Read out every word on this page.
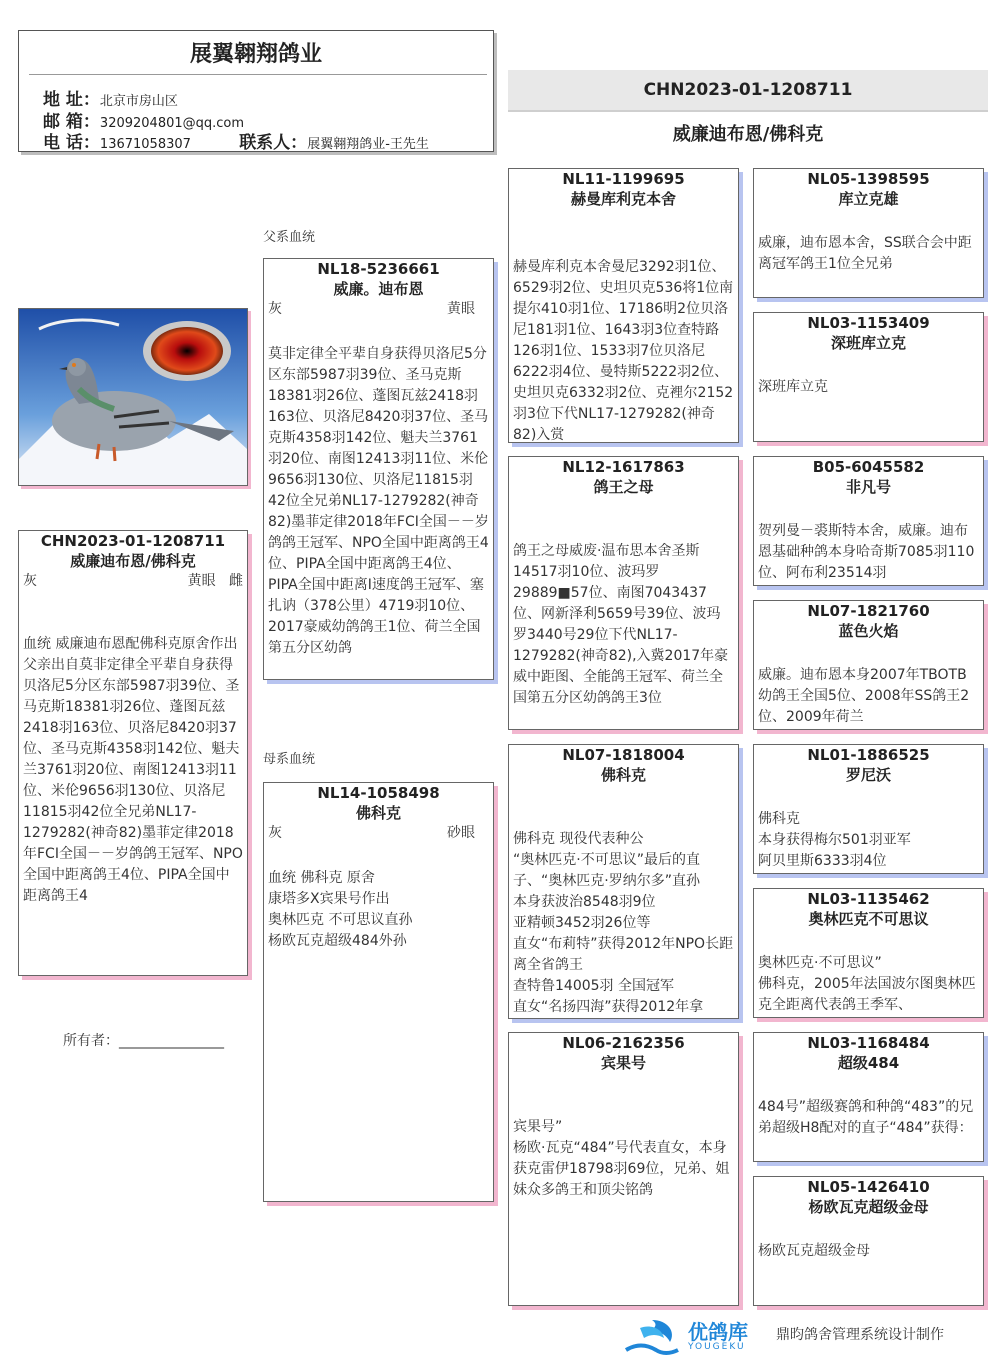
展翼翱翔鸽业
地 址：北京市房山区
邮 箱：3209204801@qq.com
电 话：13671058307	联系人：展翼翱翔鸽业-王先生
CHN2023-01-1208711
威廉迪布恩/佛科克
CHN2023-01-1208711
威廉迪布恩/佛科克
灰	黄眼 雌
血统 威廉迪布恩配佛科克原舍作出
父亲出自莫非定律全平辈自身获得贝洛尼5分区东部5987羽39位、圣马克斯18381羽26位、蓬图瓦兹2418羽163位、贝洛尼8420羽37位、圣马克斯4358羽142位、魁夫兰3761羽20位、南图12413羽11位、米伦9656羽130位、贝洛尼11815羽42位全兄弟NL17-1279282(神奇82)墨菲定律2018年FCI全国－－岁鸽鸽王冠军、NPO全国中距离鸽王4位、PIPA全国中距离鸽王4
所有者：_______________
父系血统
母系血统
NL18-5236661
威廉。迪布恩
灰	黄眼
莫非定律全平辈自身获得贝洛尼5分区东部5987羽39位、圣马克斯18381羽26位、蓬图瓦兹2418羽163位、贝洛尼8420羽37位、圣马克斯4358羽142位、魁夫兰3761羽20位、南图12413羽11位、米伦9656羽130位、贝洛尼11815羽42位全兄弟NL17-1279282(神奇82)墨菲定律2018年FCI全国－－岁鸽鸽王冠军、NPO全国中距离鸽王4位、PIPA全国中距离鸽王4位、PIPA全国中距离I速度鸽王冠军、塞扎讷（378公里）4719羽10位、2017豪威幼鸽鸽王1位、荷兰全国第五分区幼鸽
NL14-1058498
佛科克
灰	砂眼
血统 佛科克 原舍
康塔多X宾果号作出
奥林匹克 不可思议直孙
杨欧瓦克超级484外孙
NL11-1199695
赫曼库利克本舍
赫曼库利克本舍曼尼3292羽1位、6529羽2位、史坦贝克536将1位南提尔410羽1位、17186明2位贝洛尼181羽1位、1643羽3位查特路126羽1位、1533羽7位贝洛尼 6222羽4位、曼特斯5222羽2位、史坦贝克6332羽2位、克裡尔2152羽3位下代NL17-1279282(神奇82)入赏
NL12-1617863
鸽王之母
鸽王之母威废·温布思本舍圣斯14517羽10位、波玛罗29889■57位、南图7043437位、网新泽利5659号39位、波玛罗3440号29位下代NL17-1279282(神奇82),入冀2017年豪威中距图、全能鸽王冠军、荷兰全国第五分区幼鸽鸽王3位
NL07-1818004
佛科克
佛科克 现役代表种公
“奥林匹克·不可思议”最后的直子、“奥林匹克·罗纳尔多”直孙
本身获波治8548羽9位
亚精顿3452羽26位等
直女“布莉特”获得2012年NPO长距离全省鸽王
查特鲁14005羽 全国冠军
直女“名扬四海”获得2012年拿
NL06-2162356
宾果号
宾果号”
杨欧·瓦克“484”号代表直女，本身获克雷伊18798羽69位，兄弟、姐妹众多鸽王和顶尖铭鸽
NL05-1398595
库立克雄
威廉，迪布恩本舍，SS联合会中距离冠军鸽王1位全兄弟
NL03-1153409
深班库立克
深班库立克
B05-6045582
非凡号
贺列曼－裘斯特本舍，威廉。迪布恩基础种鸽本身哈奇斯7085羽110位、阿布利23514羽
NL07-1821760
蓝色火焰
威廉。迪布恩本身2007年TBOTB幼鸽王全国5位、2008年SS鸽王2位、2009年荷兰
NL01-1886525
罗尼沃
佛科克
本身获得梅尔501羽亚军
阿贝里斯6333羽4位
NL03-1135462
奥林匹克不可思议
奥林匹克·不可思议”
佛科克，2005年法国波尔图奥林匹克全距离代表鸽王季军、
NL03-1168484
超级484
484号”超级赛鸽和种鸽“483”的兄弟超级H8配对的直子“484”获得：
NL05-1426410
杨欧瓦克超级金母
杨欧瓦克超级金母
优鸽库
YOUGEKU
鼎昀鸽舍管理系统设计制作
